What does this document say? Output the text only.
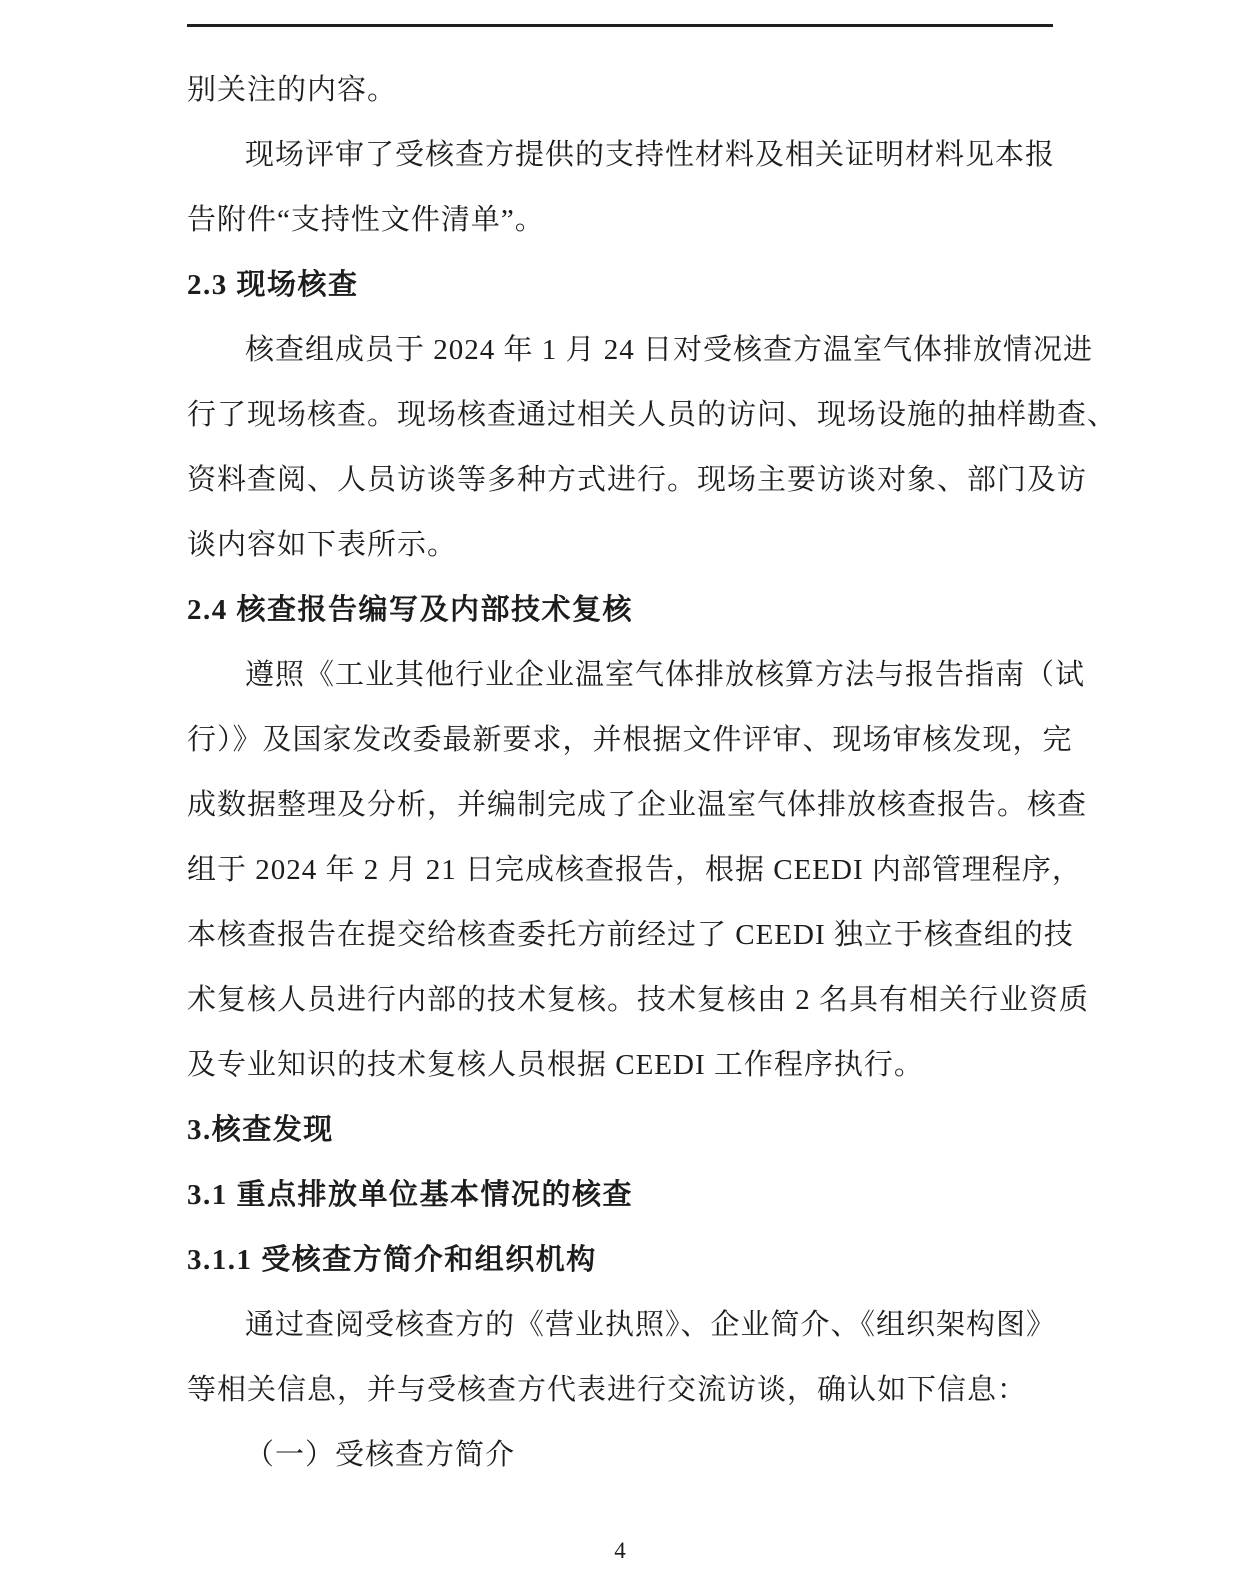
别关注的内容。
现场评审了受核查方提供的支持性材料及相关证明材料见本报
告附件“支持性文件清单”。
2.3 现场核查
核查组成员于 2024 年 1 月 24 日对受核查方温室气体排放情况进
行了现场核查。现场核查通过相关人员的访问、现场设施的抽样勘查、
资料查阅、人员访谈等多种方式进行。现场主要访谈对象、部门及访
谈内容如下表所示。
2.4 核查报告编写及内部技术复核
遵照《工业其他行业企业温室气体排放核算方法与报告指南（试
行）》及国家发改委最新要求，并根据文件评审、现场审核发现，完
成数据整理及分析，并编制完成了企业温室气体排放核查报告。核查
组于 2024 年 2 月 21 日完成核查报告，根据 CEEDI 内部管理程序，
本核查报告在提交给核查委托方前经过了 CEEDI 独立于核查组的技
术复核人员进行内部的技术复核。技术复核由 2 名具有相关行业资质
及专业知识的技术复核人员根据 CEEDI 工作程序执行。
3.核查发现
3.1 重点排放单位基本情况的核查
3.1.1 受核查方简介和组织机构
通过查阅受核查方的《营业执照》、企业简介、《组织架构图》
等相关信息，并与受核查方代表进行交流访谈，确认如下信息：
（一）受核查方简介
4
